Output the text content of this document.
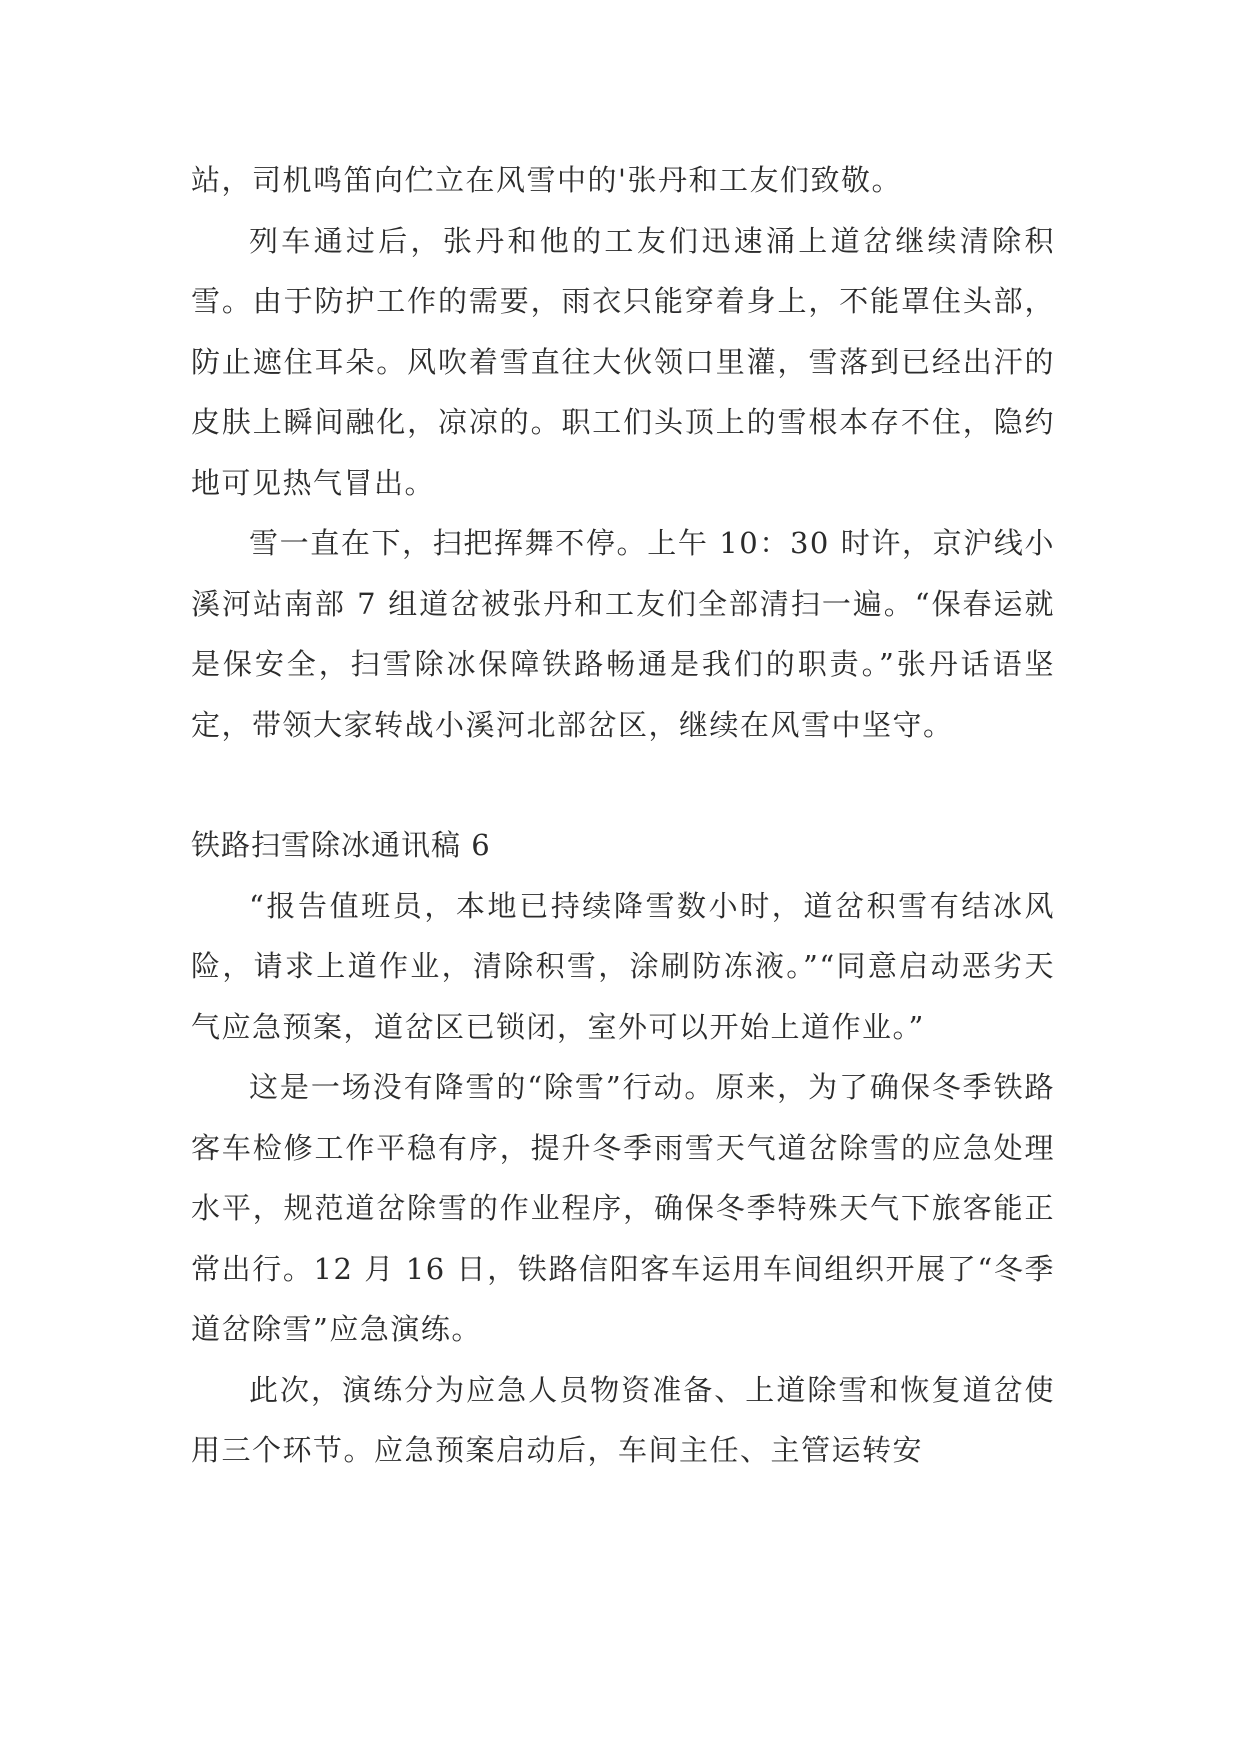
站，司机鸣笛向伫立在风雪中的'张丹和工友们致敬。

列车通过后，张丹和他的工友们迅速涌上道岔继续清除积雪。由于防护工作的需要，雨衣只能穿着身上，不能罩住头部，防止遮住耳朵。风吹着雪直往大伙领口里灌，雪落到已经出汗的皮肤上瞬间融化，凉凉的。职工们头顶上的雪根本存不住，隐约地可见热气冒出。

雪一直在下，扫把挥舞不停。上午 10：30 时许，京沪线小溪河站南部 7 组道岔被张丹和工友们全部清扫一遍。“保春运就是保安全，扫雪除冰保障铁路畅通是我们的职责。”张丹话语坚定，带领大家转战小溪河北部岔区，继续在风雪中坚守。

铁路扫雪除冰通讯稿 6

“报告值班员，本地已持续降雪数小时，道岔积雪有结冰风险，请求上道作业，清除积雪，涂刷防冻液。”“同意启动恶劣天气应急预案，道岔区已锁闭，室外可以开始上道作业。”

这是一场没有降雪的“除雪”行动。原来，为了确保冬季铁路客车检修工作平稳有序，提升冬季雨雪天气道岔除雪的应急处理水平，规范道岔除雪的作业程序，确保冬季特殊天气下旅客能正常出行。12 月 16 日，铁路信阳客车运用车间组织开展了“冬季道岔除雪”应急演练。

此次，演练分为应急人员物资准备、上道除雪和恢复道岔使用三个环节。应急预案启动后，车间主任、主管运转安
